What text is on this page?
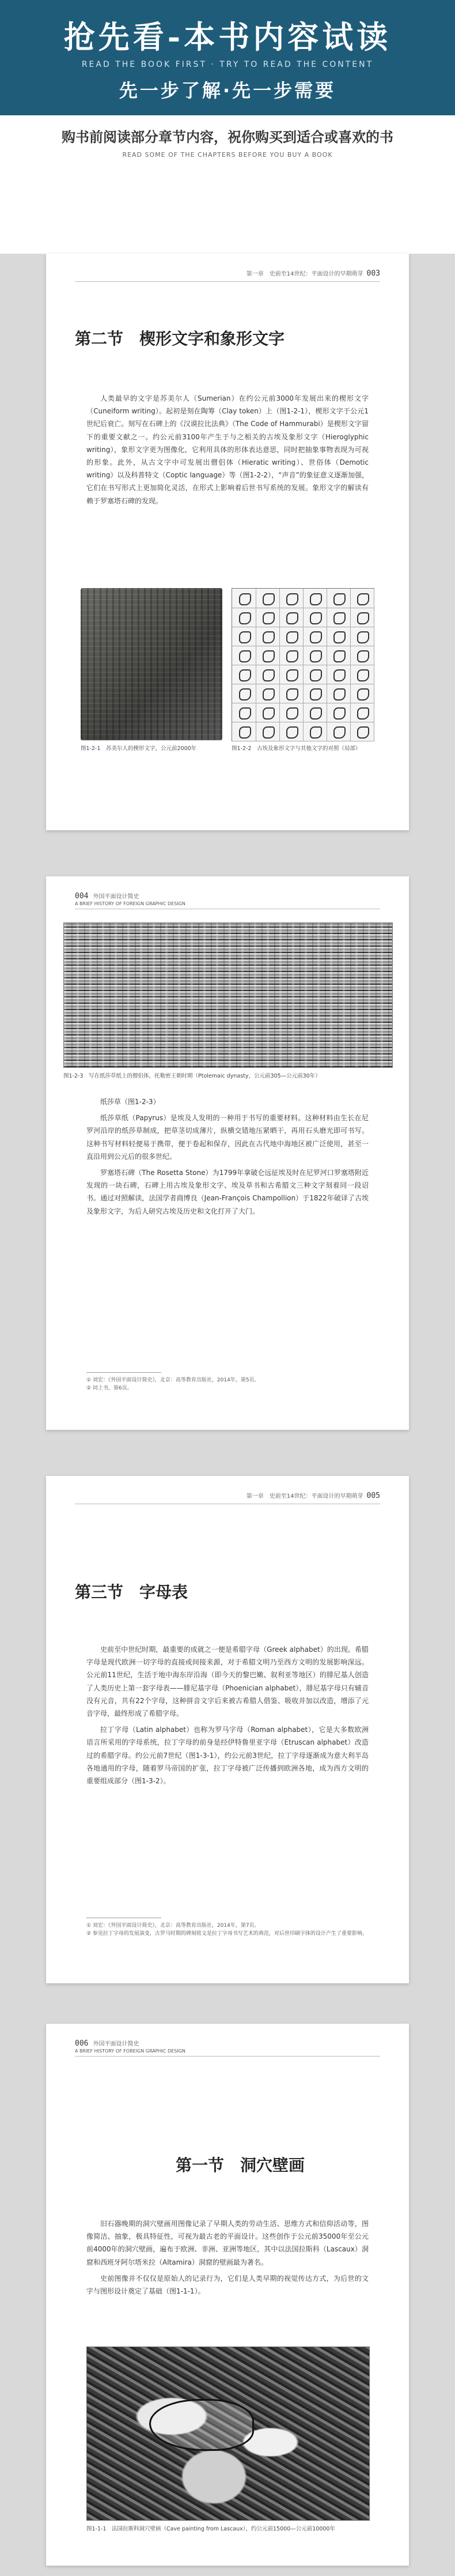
抢先看-本书内容试读
READ THE BOOK FIRST · TRY TO READ THE CONTENT
先一步了解·先一步需要
购书前阅读部分章节内容，祝你购买到适合或喜欢的书
READ SOME OF THE CHAPTERS BEFORE YOU BUY A BOOK
第一章　史前至14世纪：平面设计的早期萌芽 003
第二节　楔形文字和象形文字

人类最早的文字是苏美尔人（Sumerian）在约公元前3000年发展出来的楔形文字（Cuneiform writing）。起初是刻在陶筹（Clay token）上（图1-2-1），楔形文字于公元1世纪后衰亡。刻写在石碑上的《汉谟拉比法典》（The Code of Hammurabi）是楔形文字留下的重要文献之一。约公元前3100年产生于与之相关的古埃及象形文字（Hieroglyphic writing），象形文字更为图像化，它利用具体的形体表达意思，同时把抽象事物表现为可视的形象。此外，从古文字中可发展出僧侣体（Hieratic writing）、世俗体（Demotic writing）以及科普特文（Coptic language）等（图1-2-2），“声音”的象征意义逐渐加强，它们在书写形式上更加简化灵活，在形式上影响着后世书写系统的发展。象形文字的解读有赖于罗塞塔石碑的发现。

图1-2-1　苏美尔人的楔形文字，公元前2000年	图1-2-2　古埃及象形文字与其他文字的对照（局部）
004 外国平面设计简史
A BRIEF HISTORY OF FOREIGN GRAPHIC DESIGN
图1-2-3　写在纸莎草纸上的僧侣体，托勒密王朝时期（Ptolemaic dynasty，公元前305—公元前30年）

纸莎草（图1-2-3）

纸莎草纸（Papyrus）是埃及人发明的一种用于书写的重要材料。这种材料由生长在尼罗河沿岸的纸莎草制成，把草茎切成薄片，纵横交错地压紧晒干，再用石头磨光即可书写。这种书写材料轻便易于携带，便于卷起和保存，因此在古代地中海地区被广泛使用，甚至一直沿用到公元后的很多世纪。

罗塞塔石碑（The Rosetta Stone）为1799年拿破仑远征埃及时在尼罗河口罗塞塔附近发现的一块石碑，石碑上用古埃及象形文字、埃及草书和古希腊文三种文字刻着同一段诏书。通过对照解读，法国学者商博良（Jean-François Champollion）于1822年破译了古埃及象形文字，为后人研究古埃及历史和文化打开了大门。

① 刘宏：《外国平面设计简史》，北京：高等教育出版社，2014年，第5页。
② 同上书，第6页。
第一章　史前至14世纪：平面设计的早期萌芽 005
第三节　字母表

史前至中世纪时期，最重要的成就之一便是希腊字母（Greek alphabet）的出现。希腊字母是现代欧洲一切字母的直接或间接来源，对于希腊文明乃至西方文明的发展影响深远。公元前11世纪，生活于地中海东岸沿海（即今天的黎巴嫩、叙利亚等地区）的腓尼基人创造了人类历史上第一套字母表——腓尼基字母（Phoenician alphabet），腓尼基字母只有辅音没有元音，共有22个字母，这种拼音文字后来被古希腊人借鉴、吸收并加以改造，增添了元音字母，最终形成了希腊字母。

拉丁字母（Latin alphabet）也称为罗马字母（Roman alphabet），它是大多数欧洲语言所采用的字母系统，拉丁字母的前身是经伊特鲁里亚字母（Etruscan alphabet）改造过的希腊字母。约公元前7世纪（图1-3-1），约公元前3世纪，拉丁字母逐渐成为意大利半岛各地通用的字母，随着罗马帝国的扩张，拉丁字母被广泛传播到欧洲各地，成为西方文明的重要组成部分（图1-3-2）。

① 刘宏：《外国平面设计简史》，北京：高等教育出版社，2014年，第7页。
② 参见拉丁字母的发展演变，古罗马时期的碑刻铭文是拉丁字母书写艺术的典范，对后世印刷字体的设计产生了重要影响。
006 外国平面设计简史
A BRIEF HISTORY OF FOREIGN GRAPHIC DESIGN
第一节　洞穴壁画

旧石器晚期的洞穴壁画用图像记录了早期人类的劳动生活、思维方式和信仰活动等，图像简洁、抽象，极具特征性，可视为最古老的平面设计。这些创作于公元前35000年至公元前4000年的洞穴壁画，遍布于欧洲、非洲、亚洲等地区，其中以法国拉斯科（Lascaux）洞窟和西班牙阿尔塔米拉（Altamira）洞窟的壁画最为著名。

史前图像并不仅仅是原始人的记录行为，它们是人类早期的视觉传达方式，为后世的文字与图形设计奠定了基础（图1-1-1）。

图1-1-1　法国拉斯科洞穴壁画（Cave painting from Lascaux），约公元前15000—公元前10000年
